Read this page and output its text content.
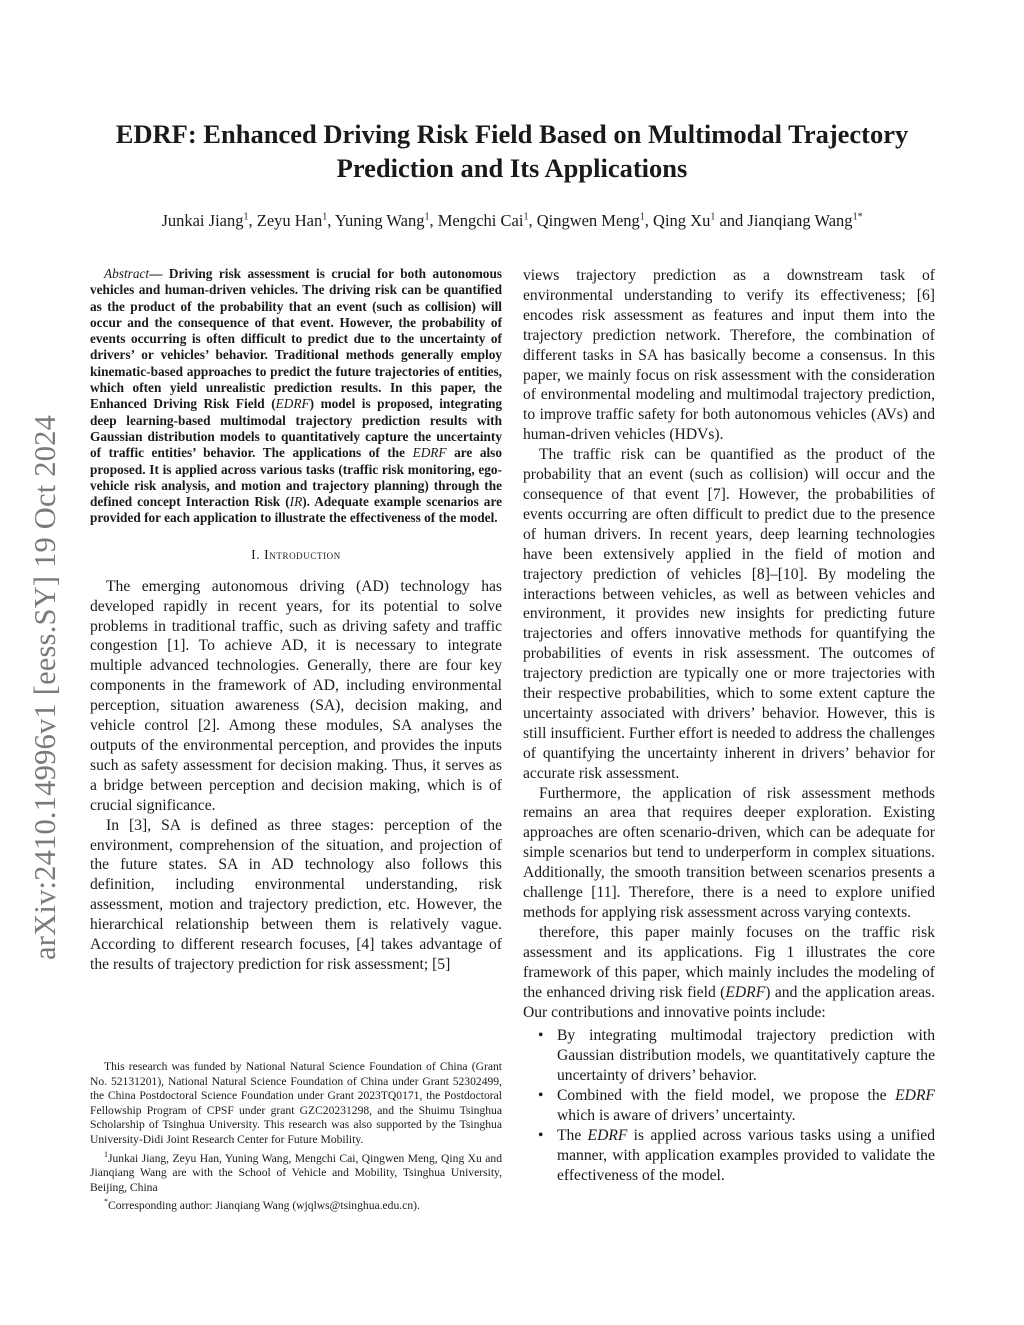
arXiv:2410.14996v1 [eess.SY] 19 Oct 2024
EDRF: Enhanced Driving Risk Field Based on Multimodal Trajectory
Prediction and Its Applications
Junkai Jiang$^1$, Zeyu Han$^1$, Yuning Wang$^1$, Mengchi Cai$^1$, Qingwen Meng$^1$, Qing Xu$^1$ and Jianqiang Wang$^{1*}$

Abstract— Driving risk assessment is crucial for both autonomous vehicles and human-driven vehicles. The driving risk can be quantified as the product of the probability that an event (such as collision) will occur and the consequence of that event. However, the probability of events occurring is often difficult to predict due to the uncertainty of drivers’ or vehicles’ behavior. Traditional methods generally employ kinematic-based approaches to predict the future trajectories of entities, which often yield unrealistic prediction results. In this paper, the Enhanced Driving Risk Field (EDRF) model is proposed, integrating deep learning-based multimodal trajectory prediction results with Gaussian distribution models to quantitatively capture the uncertainty of traffic entities’ behavior. The applications of the EDRF are also proposed. It is applied across various tasks (traffic risk monitoring, ego-vehicle risk analysis, and motion and trajectory planning) through the defined concept Interaction Risk (IR). Adequate example scenarios are provided for each application to illustrate the effectiveness of the model.

I. Introduction

The emerging autonomous driving (AD) technology has developed rapidly in recent years, for its potential to solve problems in traditional traffic, such as driving safety and traffic congestion [1]. To achieve AD, it is necessary to integrate multiple advanced technologies. Generally, there are four key components in the framework of AD, including environmental perception, situation awareness (SA), decision making, and vehicle control [2]. Among these modules, SA analyses the outputs of the environmental perception, and provides the inputs such as safety assessment for decision making. Thus, it serves as a bridge between perception and decision making, which is of crucial significance.

In [3], SA is defined as three stages: perception of the environment, comprehension of the situation, and projection of the future states. SA in AD technology also follows this definition, including environmental understanding, risk assessment, motion and trajectory prediction, etc. However, the hierarchical relationship between them is relatively vague. According to different research focuses, [4] takes advantage of the results of trajectory prediction for risk assessment; [5]

This research was funded by National Natural Science Foundation of China (Grant No. 52131201), National Natural Science Foundation of China under Grant 52302499, the China Postdoctoral Science Foundation under Grant 2023TQ0171, the Postdoctoral Fellowship Program of CPSF under grant GZC20231298, and the Shuimu Tsinghua Scholarship of Tsinghua University. This research was also supported by the Tsinghua University-Didi Joint Research Center for Future Mobility.

$^1$Junkai Jiang, Zeyu Han, Yuning Wang, Mengchi Cai, Qingwen Meng, Qing Xu and Jianqiang Wang are with the School of Vehicle and Mobility, Tsinghua University, Beijing, China

*Corresponding author: Jianqiang Wang (wjqlws@tsinghua.edu.cn).

views trajectory prediction as a downstream task of environmental understanding to verify its effectiveness; [6] encodes risk assessment as features and input them into the trajectory prediction network. Therefore, the combination of different tasks in SA has basically become a consensus. In this paper, we mainly focus on risk assessment with the consideration of environmental modeling and multimodal trajectory prediction, to improve traffic safety for both autonomous vehicles (AVs) and human-driven vehicles (HDVs).

The traffic risk can be quantified as the product of the probability that an event (such as collision) will occur and the consequence of that event [7]. However, the probabilities of events occurring are often difficult to predict due to the presence of human drivers. In recent years, deep learning technologies have been extensively applied in the field of motion and trajectory prediction of vehicles [8]–[10]. By modeling the interactions between vehicles, as well as between vehicles and environment, it provides new insights for predicting future trajectories and offers innovative methods for quantifying the probabilities of events in risk assessment. The outcomes of trajectory prediction are typically one or more trajectories with their respective probabilities, which to some extent capture the uncertainty associated with drivers’ behavior. However, this is still insufficient. Further effort is needed to address the challenges of quantifying the uncertainty inherent in drivers’ behavior for accurate risk assessment.

Furthermore, the application of risk assessment methods remains an area that requires deeper exploration. Existing approaches are often scenario-driven, which can be adequate for simple scenarios but tend to underperform in complex situations. Additionally, the smooth transition between scenarios presents a challenge [11]. Therefore, there is a need to explore unified methods for applying risk assessment across varying contexts.

therefore, this paper mainly focuses on the traffic risk assessment and its applications. Fig 1 illustrates the core framework of this paper, which mainly includes the modeling of the enhanced driving risk field (EDRF) and the application areas. Our contributions and innovative points include:

• By integrating multimodal trajectory prediction with Gaussian distribution models, we quantitatively capture the uncertainty of drivers’ behavior.
• Combined with the field model, we propose the EDRF which is aware of drivers’ uncertainty.
• The EDRF is applied across various tasks using a unified manner, with application examples provided to validate the effectiveness of the model.
